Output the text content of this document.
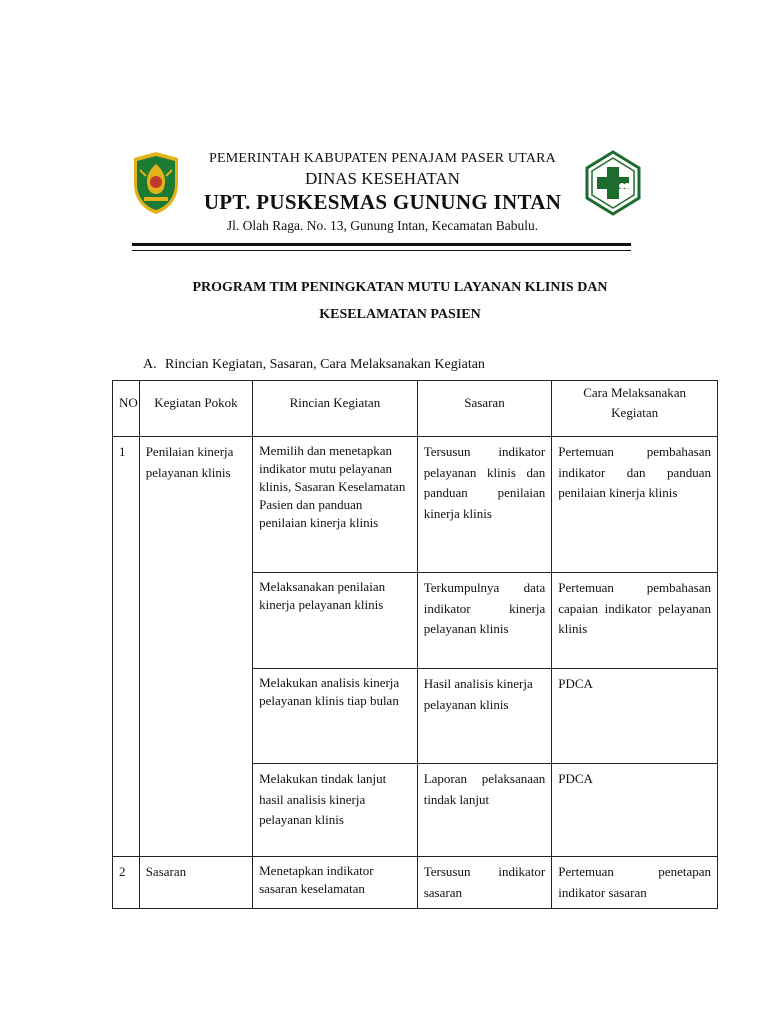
PEMERINTAH KABUPATEN PENAJAM PASER UTARA
DINAS KESEHATAN
UPT. PUSKESMAS GUNUNG INTAN
Jl. Olah Raga. No. 13, Gunung Intan, Kecamatan Babulu.
PROGRAM TIM PENINGKATAN MUTU LAYANAN KLINIS DAN
KESELAMATAN PASIEN
A. Rincian Kegiatan, Sasaran, Cara Melaksanakan Kegiatan
NO	Kegiatan Pokok	Rincian Kegiatan	Sasaran	Cara Melaksanakan Kegiatan
1	Penilaian kinerja pelayanan klinis	Memilih dan menetapkan indikator mutu pelayanan klinis, Sasaran Keselamatan Pasien dan panduan penilaian kinerja klinis	Tersusun indikator pelayanan klinis dan panduan penilaian kinerja klinis	Pertemuan pembahasan indikator dan panduan penilaian kinerja klinis
		Melaksanakan penilaian kinerja pelayanan klinis	Terkumpulnya data indikator kinerja pelayanan klinis	Pertemuan pembahasan capaian indikator pelayanan klinis
		Melakukan analisis kinerja pelayanan klinis tiap bulan	Hasil analisis kinerja pelayanan klinis	PDCA
		Melakukan tindak lanjut hasil analisis kinerja pelayanan klinis	Laporan pelaksanaan tindak lanjut	PDCA
2	Sasaran	Menetapkan indikator sasaran keselamatan	Tersusun indikator sasaran	Pertemuan penetapan indikator sasaran
